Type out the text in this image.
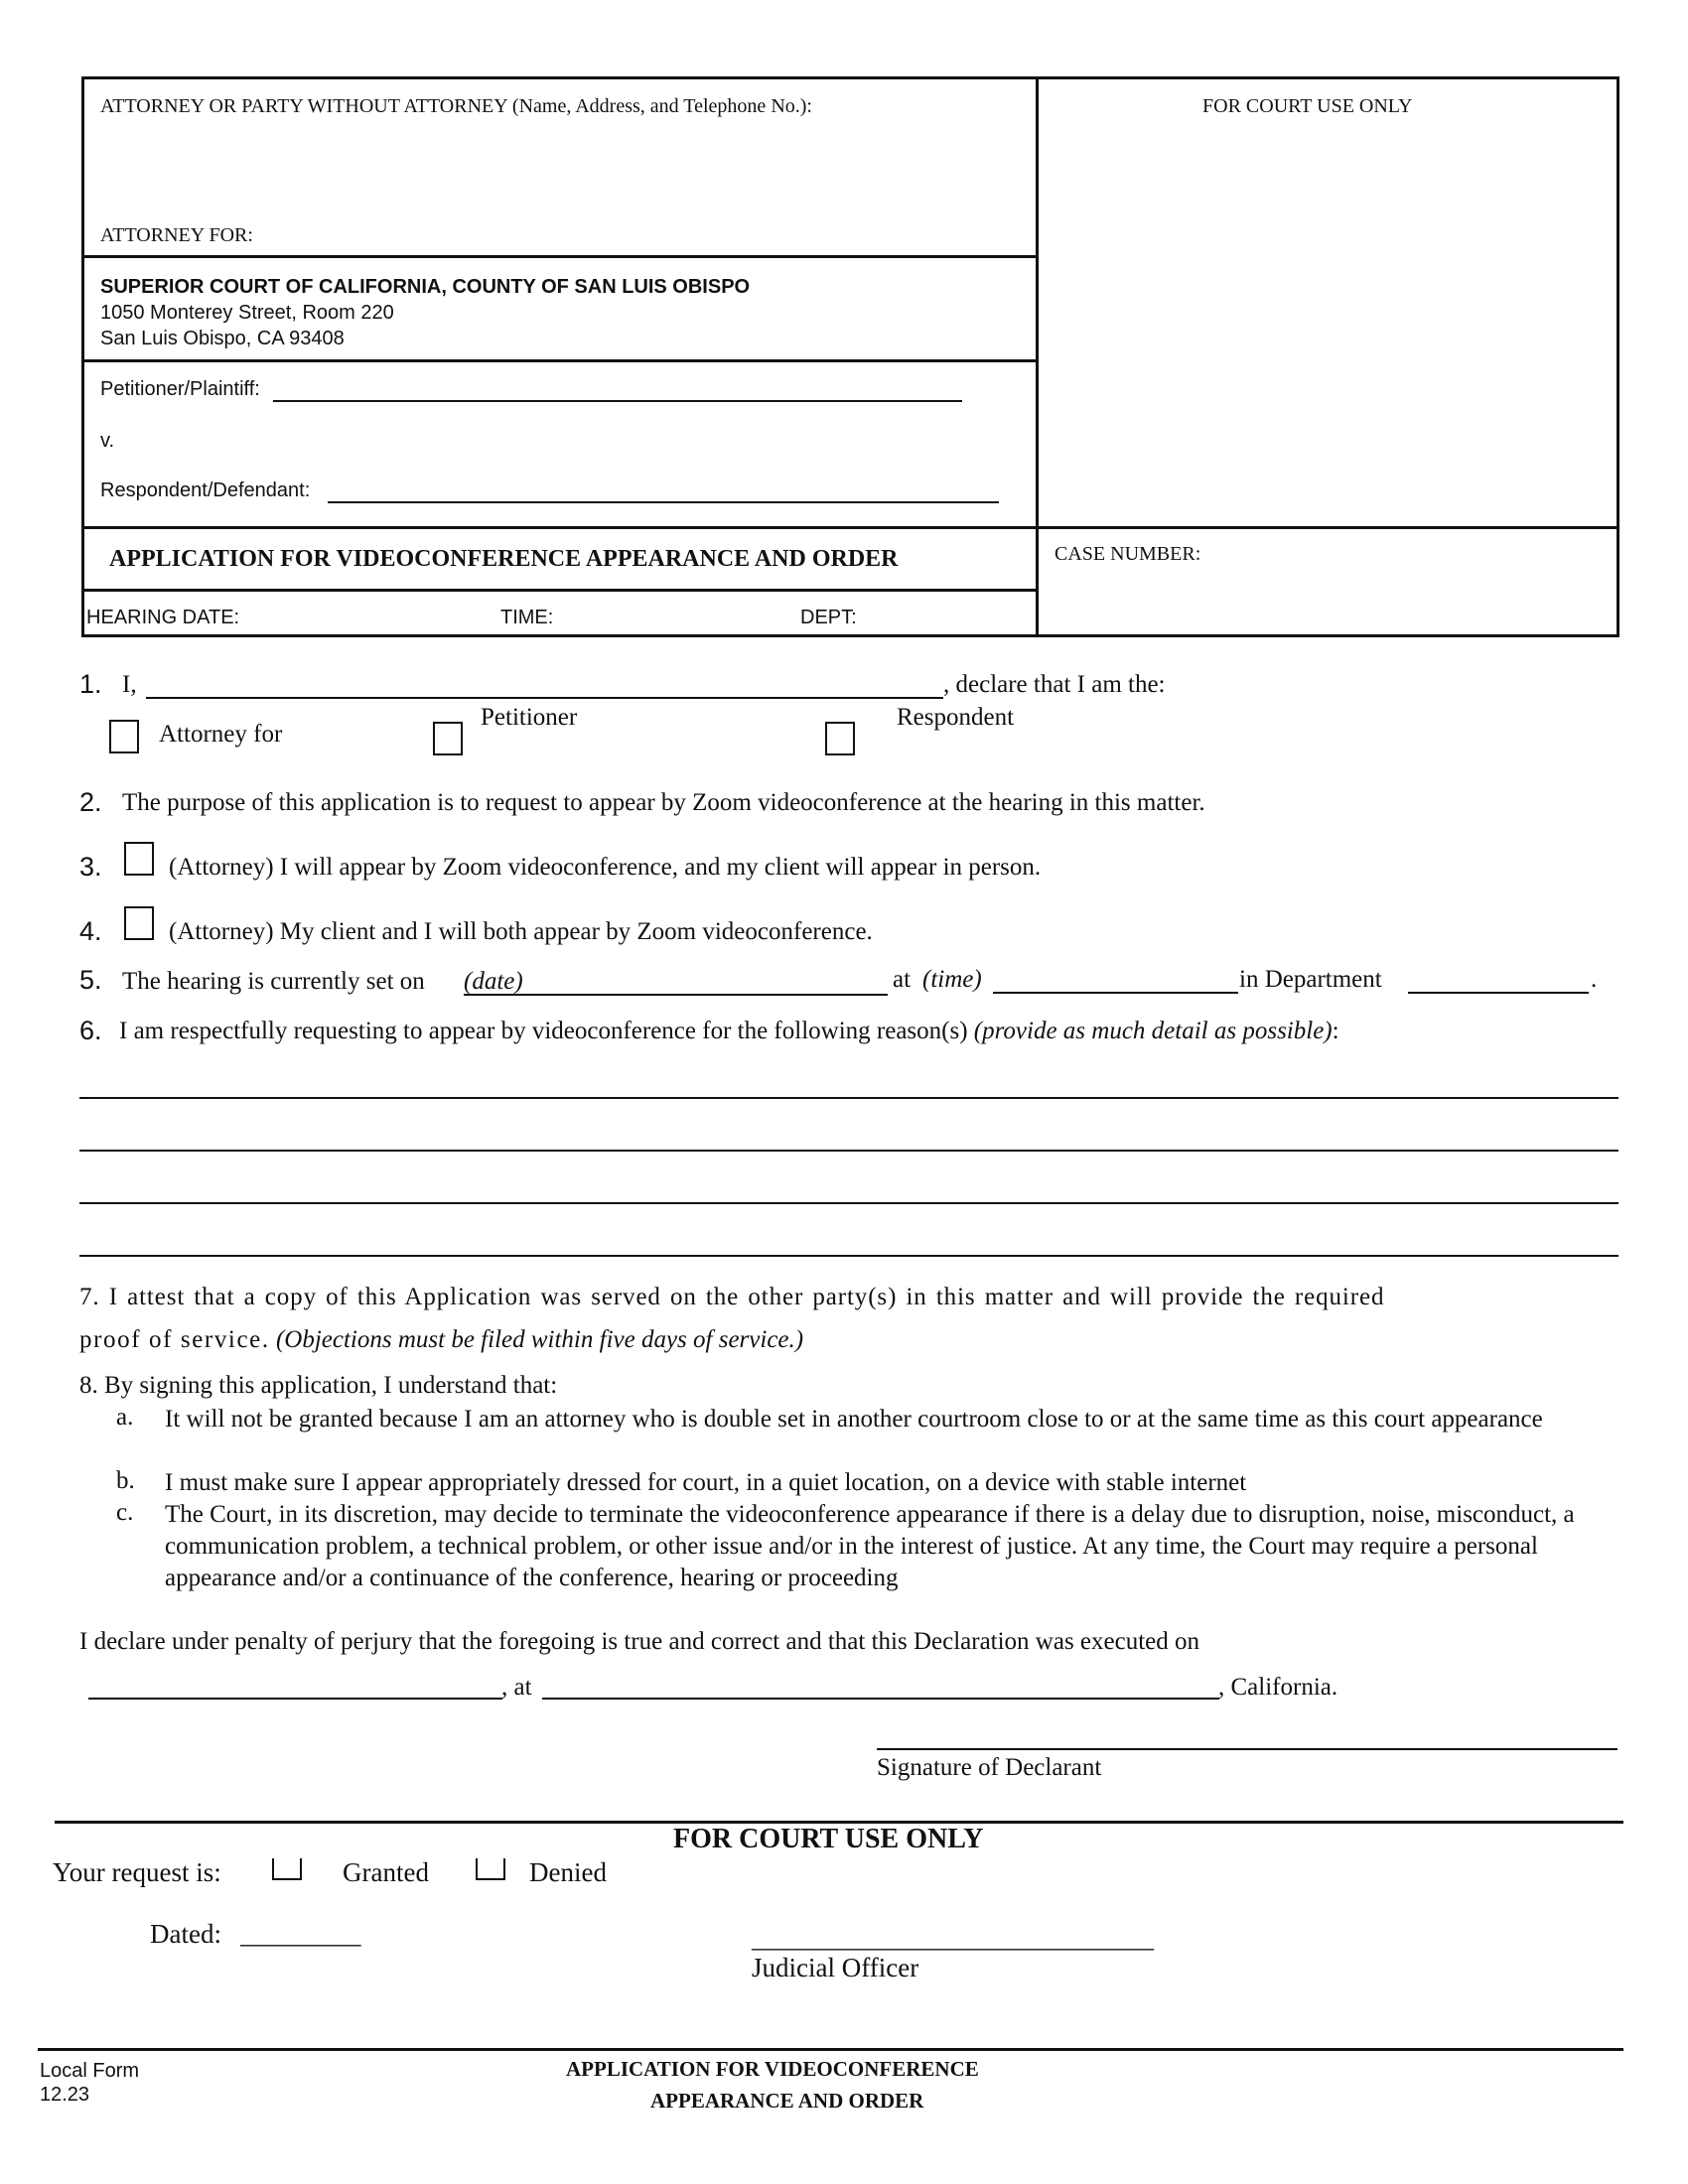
ATTORNEY OR PARTY WITHOUT ATTORNEY (Name, Address, and Telephone No.):
ATTORNEY FOR:
FOR COURT USE ONLY
SUPERIOR COURT OF CALIFORNIA, COUNTY OF SAN LUIS OBISPO
1050 Monterey Street, Room 220
San Luis Obispo, CA 93408
Petitioner/Plaintiff:
v.
Respondent/Defendant:
APPLICATION FOR VIDEOCONFERENCE APPEARANCE AND ORDER	CASE NUMBER:
HEARING DATE:	TIME:	DEPT:
1. I,	, declare that I am the:
Attorney for
Petitioner	Respondent
2. The purpose of this application is to request to appear by Zoom videoconference at the hearing in this matter.
3.	(Attorney) I will appear by Zoom videoconference, and my client will appear in person.
4.	(Attorney) My client and I will both appear by Zoom videoconference.
5. The hearing is currently set on (date)	at (time)	in Department	.
6. I am respectfully requesting to appear by videoconference for the following reason(s) (provide as much detail as possible):
7. I attest that a copy of this Application was served on the other party(s) in this matter and will provide the required
proof of service. (Objections must be filed within five days of service.)
8. By signing this application, I understand that:
a. It will not be granted because I am an attorney who is double set in another courtroom close to or at the same time as this court appearance
b. I must make sure I appear appropriately dressed for court, in a quiet location, on a device with stable internet
c. The Court, in its discretion, may decide to terminate the videoconference appearance if there is a delay due to disruption, noise, misconduct, a communication problem, a technical problem, or other issue and/or in the interest of justice. At any time, the Court may require a personal appearance and/or a continuance of the conference, hearing or proceeding
I declare under penalty of perjury that the foregoing is true and correct and that this Declaration was executed on
, at	, California.
Signature of Declarant
FOR COURT USE ONLY
Your request is:	Granted	Denied
Dated: _________	______________________________
Judicial Officer
Local Form
12.23
APPLICATION FOR VIDEOCONFERENCE
APPEARANCE AND ORDER
